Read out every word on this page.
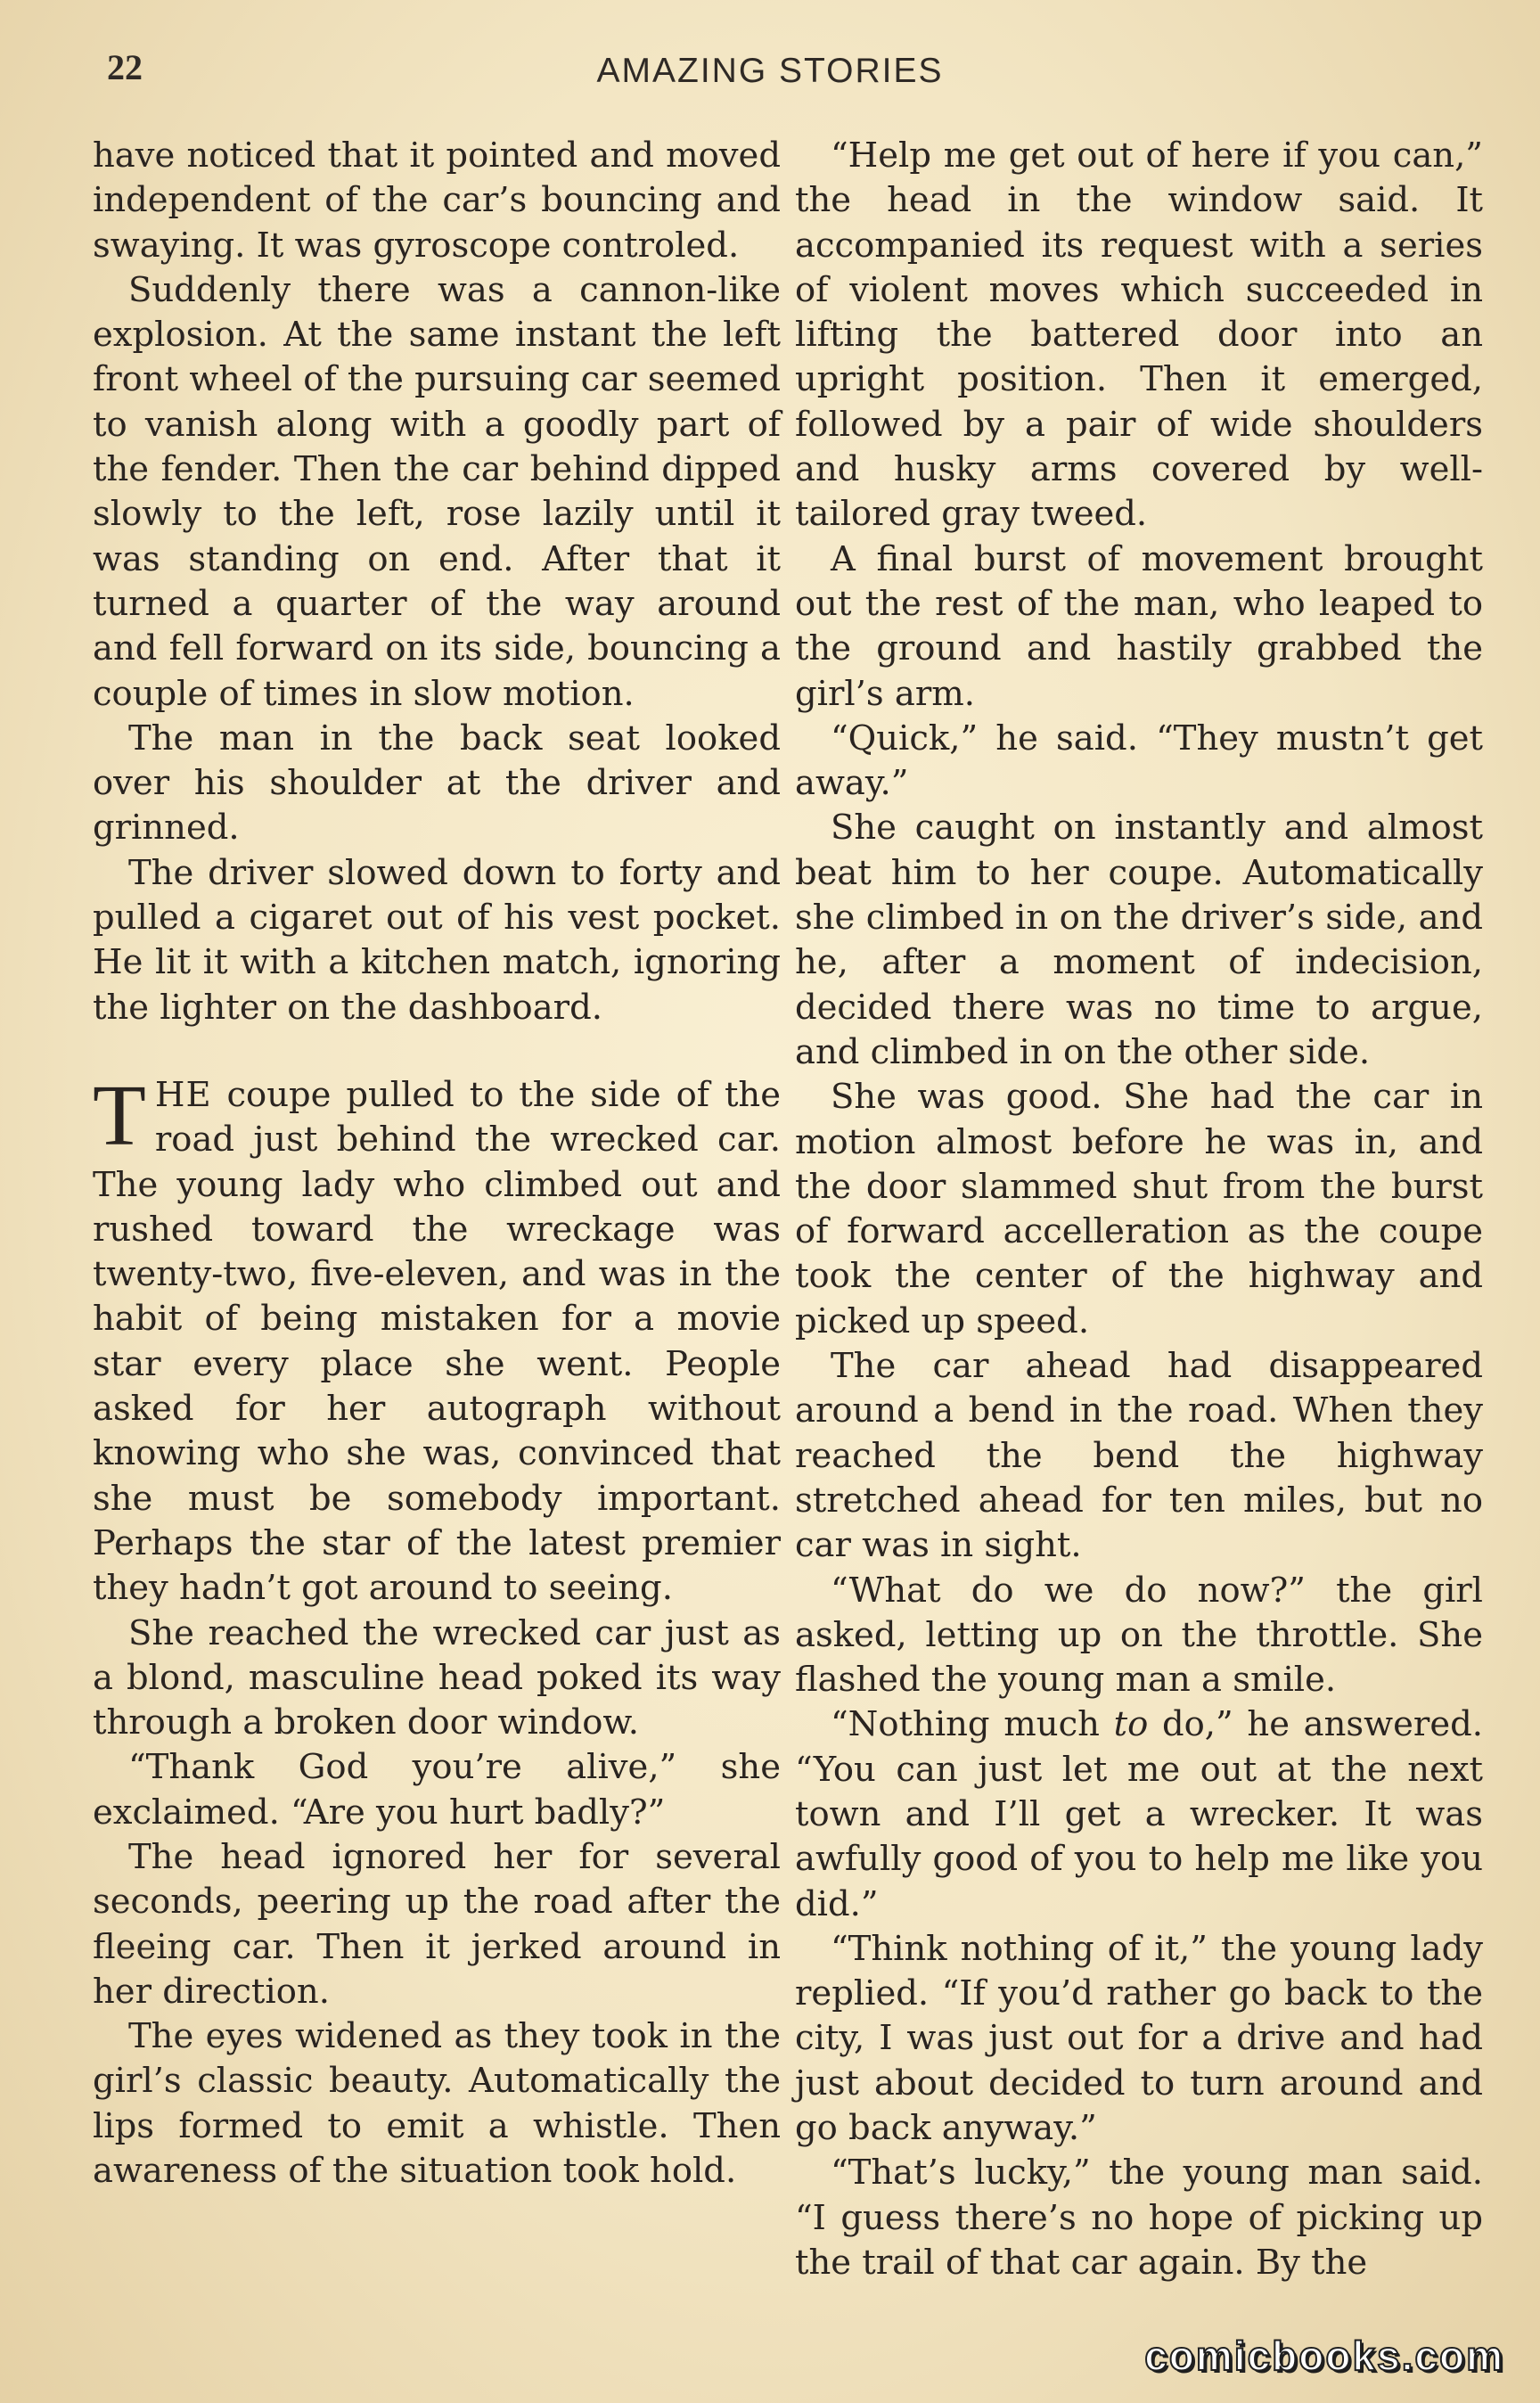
22	AMAZING STORIES

have noticed that it pointed and moved independent of the car’s bouncing and swaying. It was gyroscope controled.

Suddenly there was a cannon-like explosion. At the same instant the left front wheel of the pursuing car seemed to vanish along with a goodly part of the fender. Then the car behind dipped slowly to the left, rose lazily until it was standing on end. After that it turned a quarter of the way around and fell forward on its side, bouncing a couple of times in slow motion.

The man in the back seat looked over his shoulder at the driver and grinned.

The driver slowed down to forty and pulled a cigaret out of his vest pocket. He lit it with a kitchen match, ignoring the lighter on the dashboard.

THE coupe pulled to the side of the road just behind the wrecked car. The young lady who climbed out and rushed toward the wreckage was twenty-two, five-eleven, and was in the habit of being mistaken for a movie star every place she went. People asked for her autograph without knowing who she was, convinced that she must be somebody important. Perhaps the star of the latest premier they hadn’t got around to seeing.

She reached the wrecked car just as a blond, masculine head poked its way through a broken door window.

“Thank God you’re alive,” she exclaimed. “Are you hurt badly?”

The head ignored her for several seconds, peering up the road after the fleeing car. Then it jerked around in her direction.

The eyes widened as they took in the girl’s classic beauty. Automatically the lips formed to emit a whistle. Then awareness of the situation took hold.

“Help me get out of here if you can,” the head in the window said. It accompanied its request with a series of violent moves which succeeded in lifting the battered door into an upright position. Then it emerged, followed by a pair of wide shoulders and husky arms covered by well-tailored gray tweed.

A final burst of movement brought out the rest of the man, who leaped to the ground and hastily grabbed the girl’s arm.

“Quick,” he said. “They mustn’t get away.”

She caught on instantly and almost beat him to her coupe. Automatically she climbed in on the driver’s side, and he, after a moment of indecision, decided there was no time to argue, and climbed in on the other side.

She was good. She had the car in motion almost before he was in, and the door slammed shut from the burst of forward accelleration as the coupe took the center of the highway and picked up speed.

The car ahead had disappeared around a bend in the road. When they reached the bend the highway stretched ahead for ten miles, but no car was in sight.

“What do we do now?” the girl asked, letting up on the throttle. She flashed the young man a smile.

“Nothing much to do,” he answered. “You can just let me out at the next town and I’ll get a wrecker. It was awfully good of you to help me like you did.”

“Think nothing of it,” the young lady replied. “If you’d rather go back to the city, I was just out for a drive and had just about decided to turn around and go back anyway.”

“That’s lucky,” the young man said. “I guess there’s no hope of picking up the trail of that car again. By the

comicbooks.com
